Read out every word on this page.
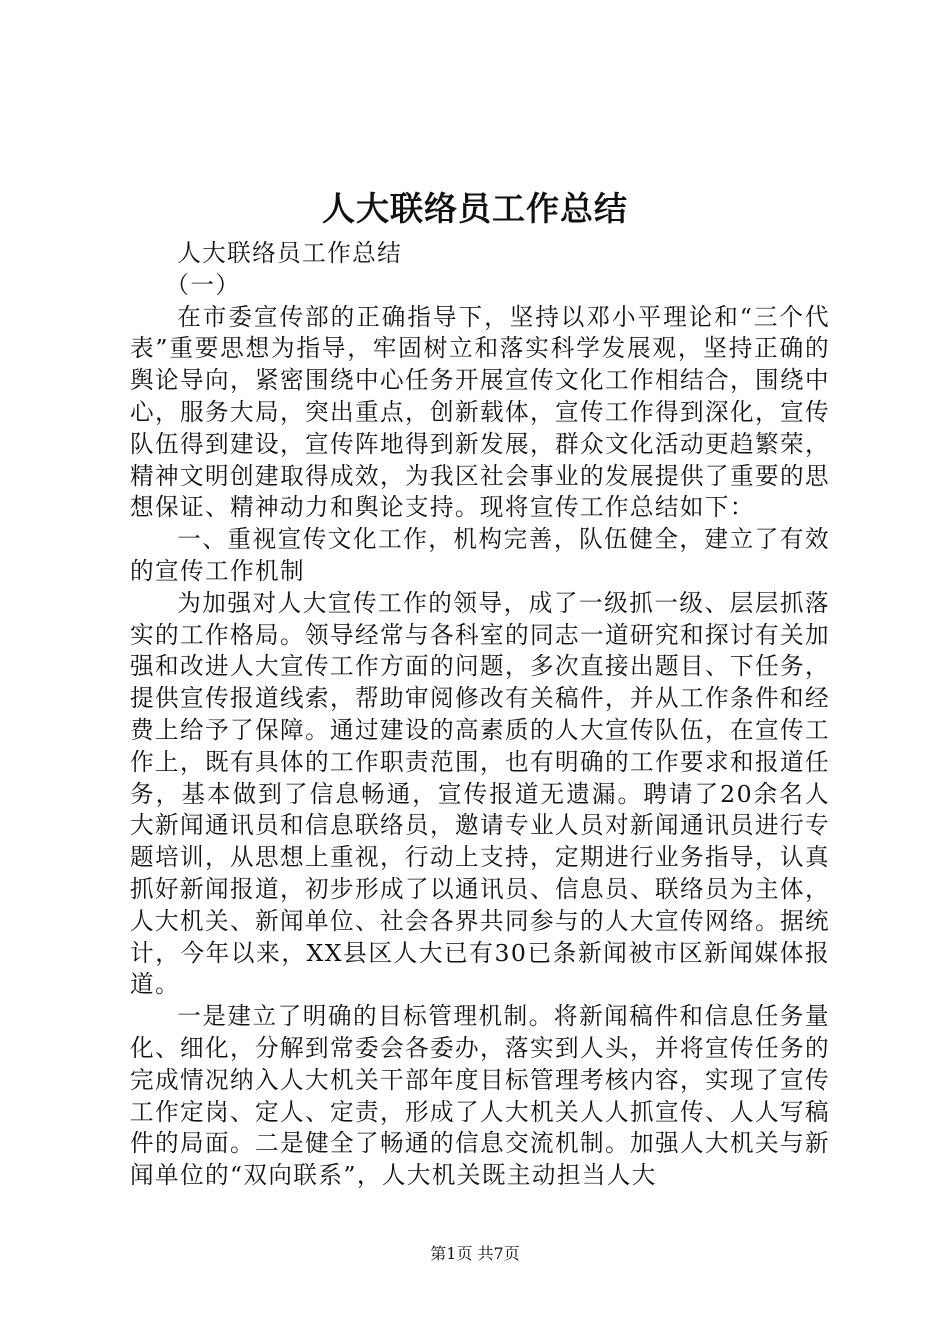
人大联络员工作总结

人大联络员工作总结

（一）

在市委宣传部的正确指导下，坚持以邓小平理论和“三个代表”重要思想为指导，牢固树立和落实科学发展观，坚持正确的舆论导向，紧密围绕中心任务开展宣传文化工作相结合，围绕中心，服务大局，突出重点，创新载体，宣传工作得到深化，宣传队伍得到建设，宣传阵地得到新发展，群众文化活动更趋繁荣，精神文明创建取得成效，为我区社会事业的发展提供了重要的思想保证、精神动力和舆论支持。现将宣传工作总结如下：

一、重视宣传文化工作，机构完善，队伍健全，建立了有效的宣传工作机制

为加强对人大宣传工作的领导，成了一级抓一级、层层抓落实的工作格局。领导经常与各科室的同志一道研究和探讨有关加强和改进人大宣传工作方面的问题，多次直接出题目、下任务，提供宣传报道线索，帮助审阅修改有关稿件，并从工作条件和经费上给予了保障。通过建设的高素质的人大宣传队伍，在宣传工作上，既有具体的工作职责范围，也有明确的工作要求和报道任务，基本做到了信息畅通，宣传报道无遗漏。聘请了20余名人大新闻通讯员和信息联络员，邀请专业人员对新闻通讯员进行专题培训，从思想上重视，行动上支持，定期进行业务指导，认真抓好新闻报道，初步形成了以通讯员、信息员、联络员为主体，人大机关、新闻单位、社会各界共同参与的人大宣传网络。据统计，今年以来，XX县区人大已有30已条新闻被市区新闻媒体报道。

一是建立了明确的目标管理机制。将新闻稿件和信息任务量化、细化，分解到常委会各委办，落实到人头，并将宣传任务的完成情况纳入人大机关干部年度目标管理考核内容，实现了宣传工作定岗、定人、定责，形成了人大机关人人抓宣传、人人写稿件的局面。二是健全了畅通的信息交流机制。加强人大机关与新闻单位的“双向联系”，人大机关既主动担当人大

第1页 共7页
